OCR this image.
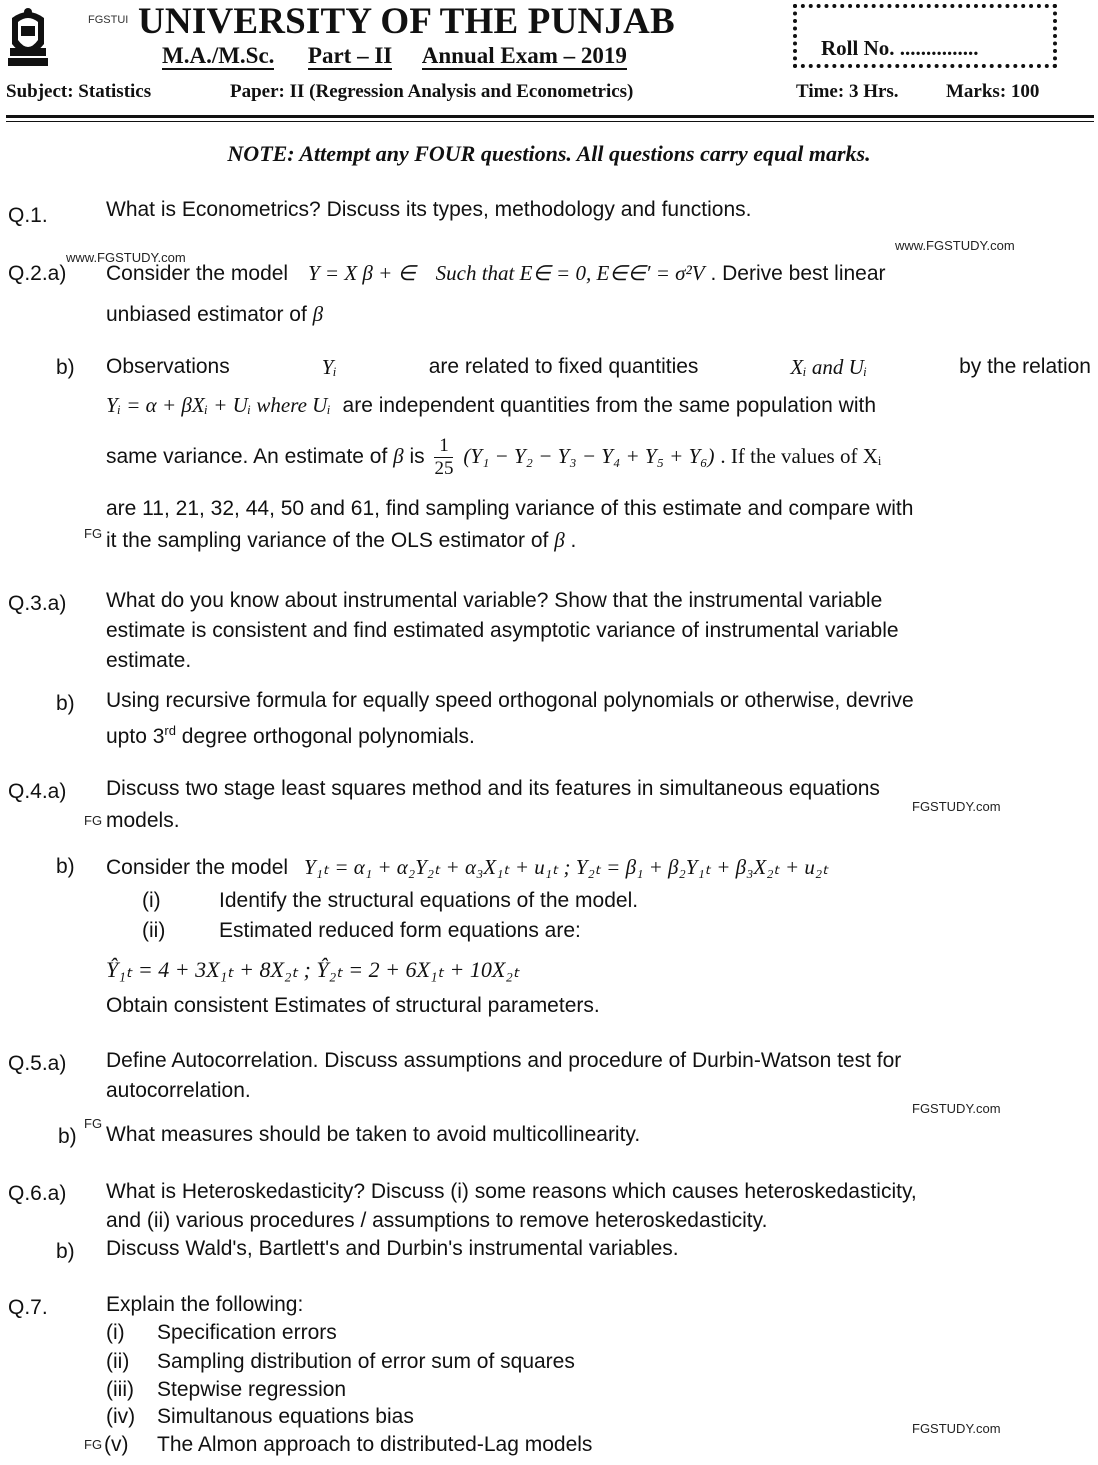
FGSTUI UNIVERSITY OF THE PUNJAB
M.A./M.Sc. Part – II Annual Exam – 2019	Roll No. ...............
Subject: Statistics	Paper: II (Regression Analysis and Econometrics)	Time: 3 Hrs. Marks: 100
NOTE: Attempt any FOUR questions. All questions carry equal marks.
Q.1.	What is Econometrics? Discuss its types, methodology and functions.
www.FGSTUDY.com
www.FGSTUDY.com
Q.2.a) Consider the model Y = X β + ∈ Such that E∈ = 0, E∈∈′ = σ²V . Derive best linear
unbiased estimator of β
b) Observations	Yᵢ	are related to fixed quantities	Xᵢ and Uᵢ	by the relation
Yᵢ = α + βXᵢ + Uᵢ where Uᵢ are independent quantities from the same population with
same variance. An estimate of β is $\frac{1}{25} (Y_1 - Y_2 - Y_3 - Y_4 + Y_5 + Y_6)$ . If the values of Xᵢ
are 11, 21, 32, 44, 50 and 61, find sampling variance of this estimate and compare with
FG it the sampling variance of the OLS estimator of β .
Q.3.a) What do you know about instrumental variable? Show that the instrumental variable
estimate is consistent and find estimated asymptotic variance of instrumental variable
estimate.
b) Using recursive formula for equally speed orthogonal polynomials or otherwise, devrive
upto 3rd degree orthogonal polynomials.
Q.4.a) Discuss two stage least squares method and its features in simultaneous equations
FGSTUDY.com
FG models.
b) Consider the model Y₁ₜ = α₁ + α₂Y₂ₜ + α₃X₁ₜ + u₁ₜ ; Y₂ₜ = β₁ + β₂Y₁ₜ + β₃X₂ₜ + u₂ₜ
(i)	Identify the structural equations of the model.
(ii)	Estimated reduced form equations are:
Ŷ₁ₜ = 4 + 3X₁ₜ + 8X₂ₜ ; Ŷ₂ₜ = 2 + 6X₁ₜ + 10X₂ₜ
Obtain consistent Estimates of structural parameters.
Q.5.a) Define Autocorrelation. Discuss assumptions and procedure of Durbin-Watson test for
autocorrelation.
FGSTUDY.com
FG
b) What measures should be taken to avoid multicollinearity.
Q.6.a) What is Heteroskedasticity? Discuss (i) some reasons which causes heteroskedasticity,
and (ii) various procedures / assumptions to remove heteroskedasticity.
b) Discuss Wald's, Bartlett's and Durbin's instrumental variables.
Q.7.	Explain the following:
(i) Specification errors
(ii) Sampling distribution of error sum of squares
(iii) Stepwise regression
(iv) Simultanous equations bias
FGSTUDY.com
FG (v) The Almon approach to distributed-Lag models
